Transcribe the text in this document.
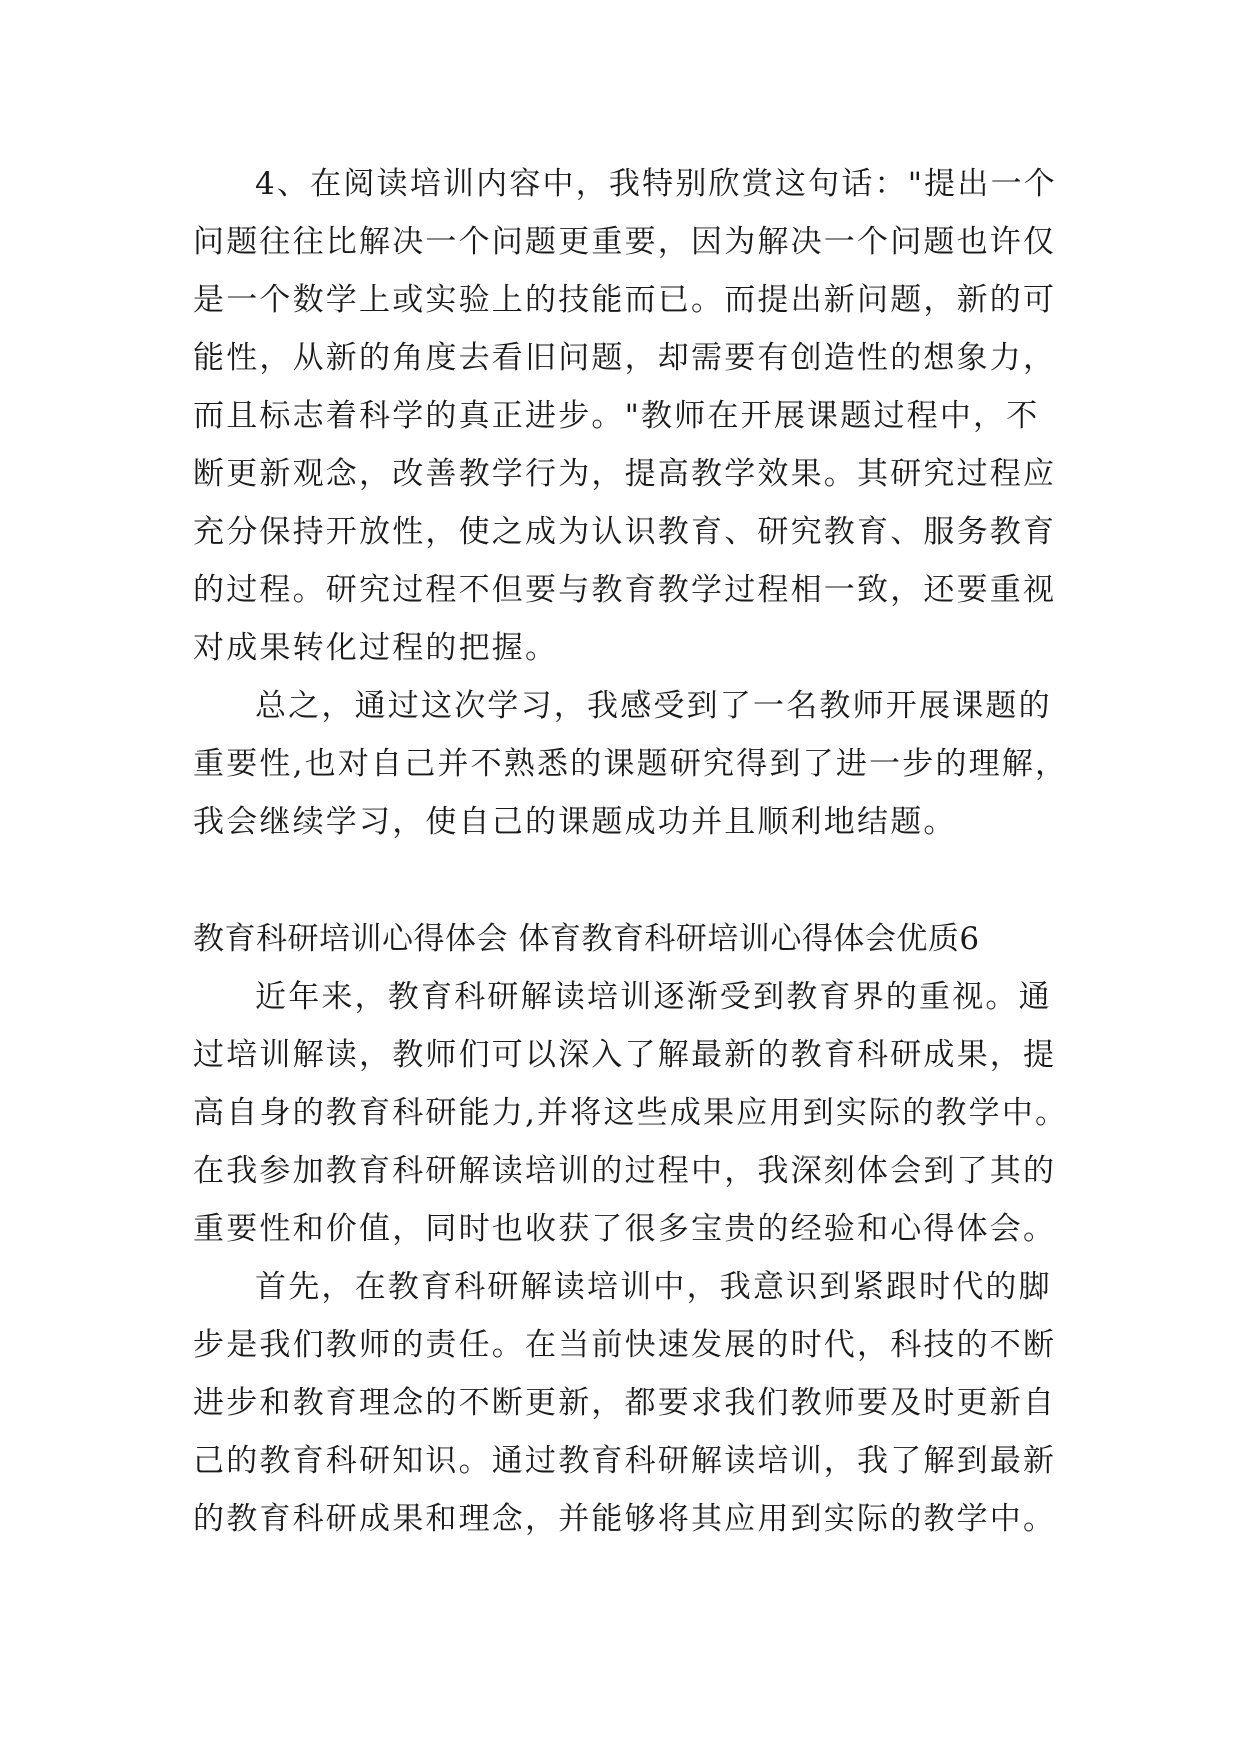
4、在阅读培训内容中，我特别欣赏这句话："提出一个
问题往往比解决一个问题更重要，因为解决一个问题也许仅
是一个数学上或实验上的技能而已。而提出新问题，新的可
能性，从新的角度去看旧问题，却需要有创造性的想象力，
而且标志着科学的真正进步。"教师在开展课题过程中，不
断更新观念，改善教学行为，提高教学效果。其研究过程应
充分保持开放性，使之成为认识教育、研究教育、服务教育
的过程。研究过程不但要与教育教学过程相一致，还要重视
对成果转化过程的把握。
总之，通过这次学习，我感受到了一名教师开展课题的
重要性,也对自己并不熟悉的课题研究得到了进一步的理解，
我会继续学习，使自己的课题成功并且顺利地结题。
教育科研培训心得体会 体育教育科研培训心得体会优质6
近年来，教育科研解读培训逐渐受到教育界的重视。通
过培训解读，教师们可以深入了解最新的教育科研成果，提
高自身的教育科研能力,并将这些成果应用到实际的教学中。
在我参加教育科研解读培训的过程中，我深刻体会到了其的
重要性和价值，同时也收获了很多宝贵的经验和心得体会。
首先，在教育科研解读培训中，我意识到紧跟时代的脚
步是我们教师的责任。在当前快速发展的时代，科技的不断
进步和教育理念的不断更新，都要求我们教师要及时更新自
己的教育科研知识。通过教育科研解读培训，我了解到最新
的教育科研成果和理念，并能够将其应用到实际的教学中。
